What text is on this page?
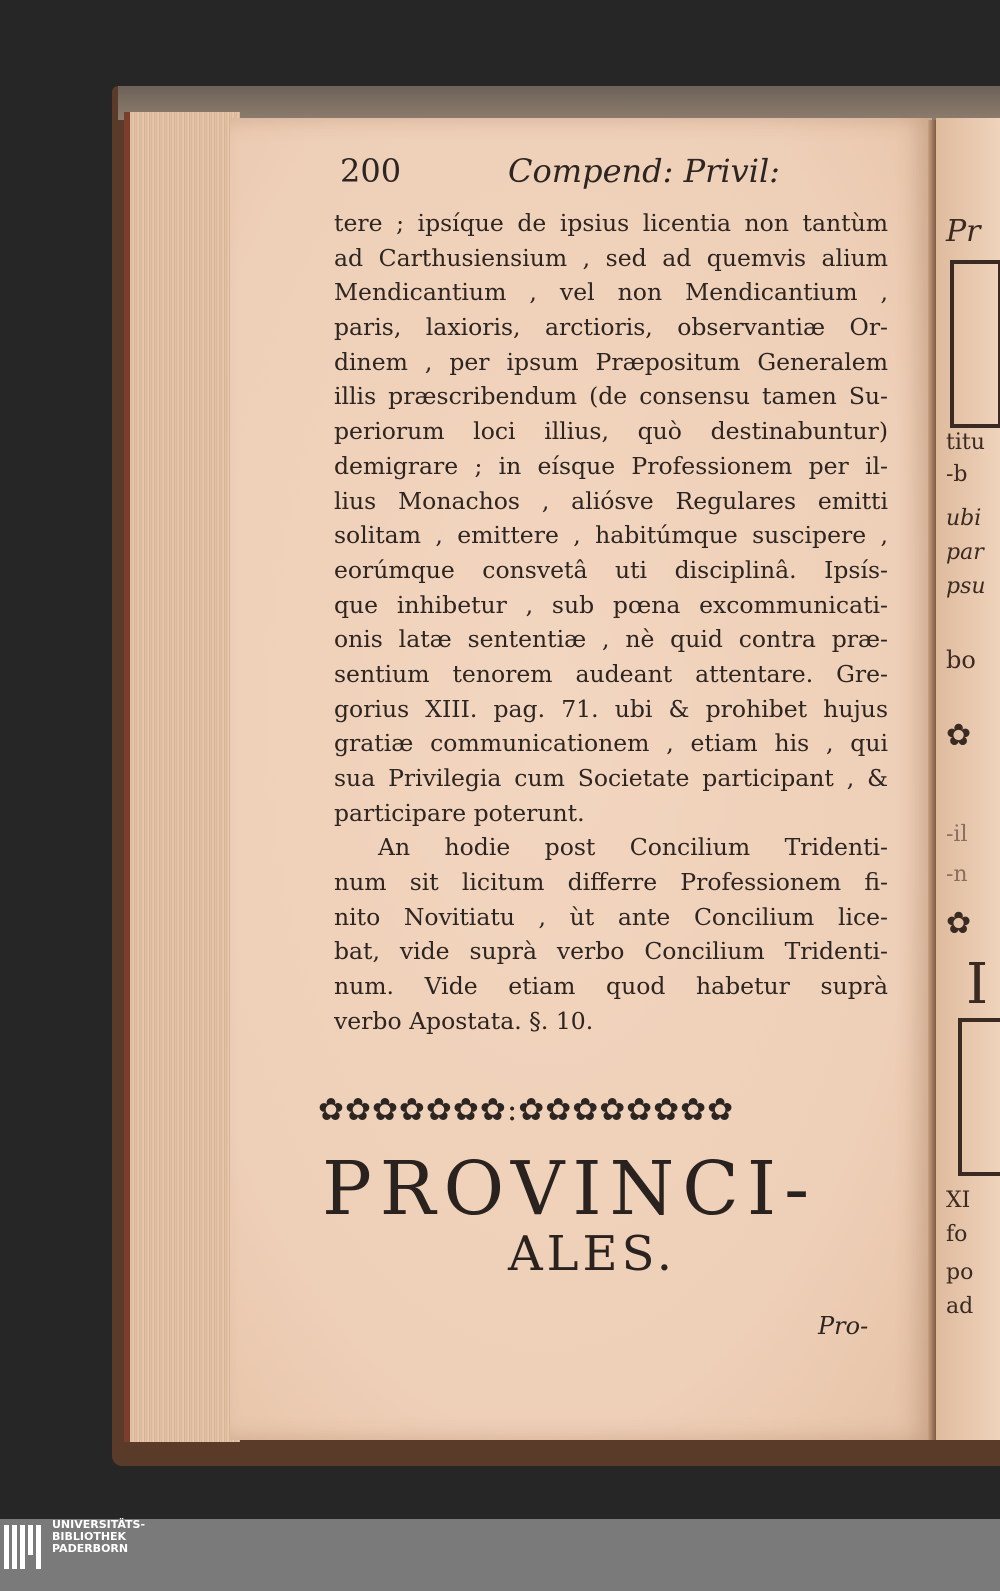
Pr
titu
-b
ubi
par
psu
bo
✿
-il
-n
✿
I
XI
fo
po
ad
200	Compend: Privil:
tere ; ipsíque de ipsius licentia non tantùm
ad Carthusiensium , sed ad quemvis alium
Mendicantium , vel non Mendicantium ,
paris, laxioris, arctioris, observantiæ Or-
dinem , per ipsum Præpositum Generalem
illis præscribendum (de consensu tamen Su-
periorum loci illius, quò destinabuntur)
demigrare ; in eísque Professionem per il-
lius Monachos , aliósve Regulares emitti
solitam , emittere , habitúmque suscipere ,
eorúmque consvetâ uti disciplinâ. Ipsís-
que inhibetur , sub pœna excommunicati-
onis latæ sententiæ , nè quid contra præ-
sentium tenorem audeant attentare. Gre-
gorius XIII. pag. 71. ubi & prohibet hujus
gratiæ communicationem , etiam his , qui
sua Privilegia cum Societate participant , &
participare poterunt.
An hodie post Concilium Tridenti-
num sit licitum differre Professionem fi-
nito Novitiatu , ùt ante Concilium lice-
bat, vide suprà verbo Concilium Tridenti-
num. Vide etiam quod habetur suprà
verbo Apostata. §. 10.
✿✿✿✿✿✿✿:✿✿✿✿✿✿✿✿
PROVINCI-
ALES.
Pro-
UNIVERSITÄTS-
BIBLIOTHEK
PADERBORN
